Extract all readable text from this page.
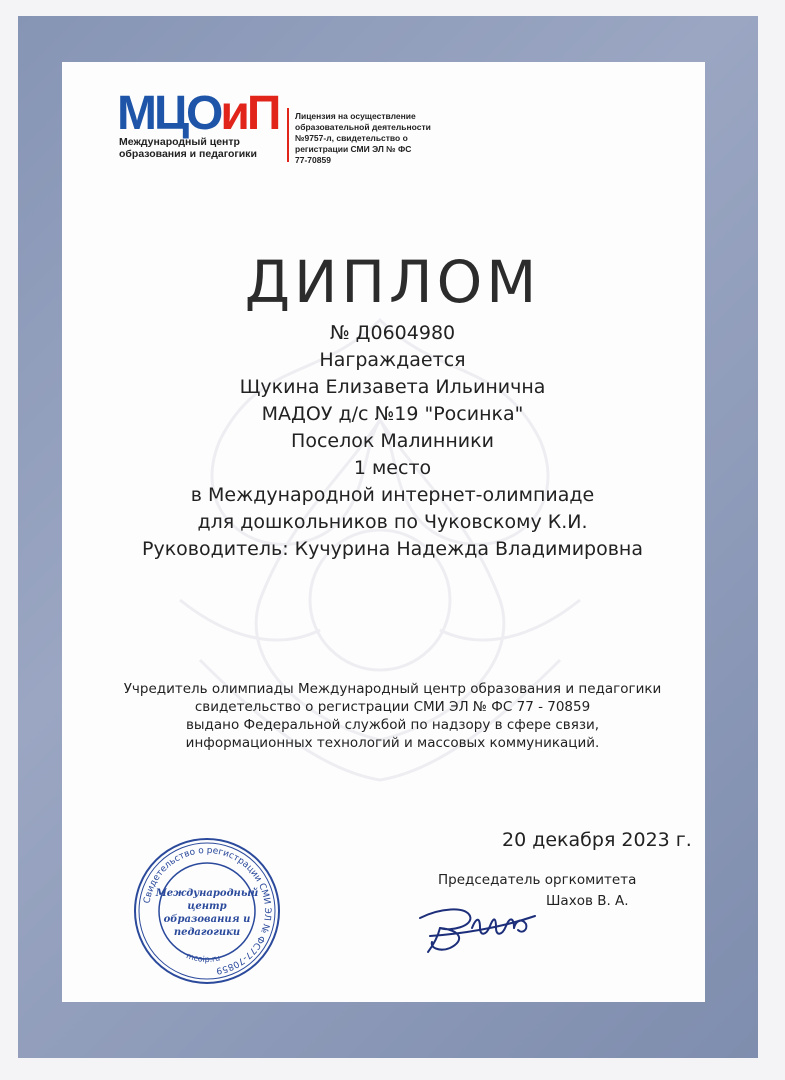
МЦОиП
Международный центр
образования и педагогики
Лицензия на осуществление
образовательной деятельности
№9757-л, свидетельство о
регистрации СМИ ЭЛ № ФС
77-70859
ДИПЛОМ
№ Д0604980
Награждается
Щукина Елизавета Ильинична
МАДОУ д/с №19 "Росинка"
Поселок Малинники
1 место
в Международной интернет-олимпиаде
для дошкольников по Чуковскому К.И.
Руководитель: Кучурина Надежда Владимировна
Учредитель олимпиады Международный центр образования и педагогики
свидетельство о регистрации СМИ ЭЛ № ФС 77 - 70859
выдано Федеральной службой по надзору в сфере связи,
информационных технологий и массовых коммуникаций.
20 декабря 2023 г.
Председатель оргкомитета
Шахов В. А.
Свидетельство о регистрации СМИ ЭЛ № ФС77-70859
mcoip.ru
Международный
центр
образования и
педагогики
